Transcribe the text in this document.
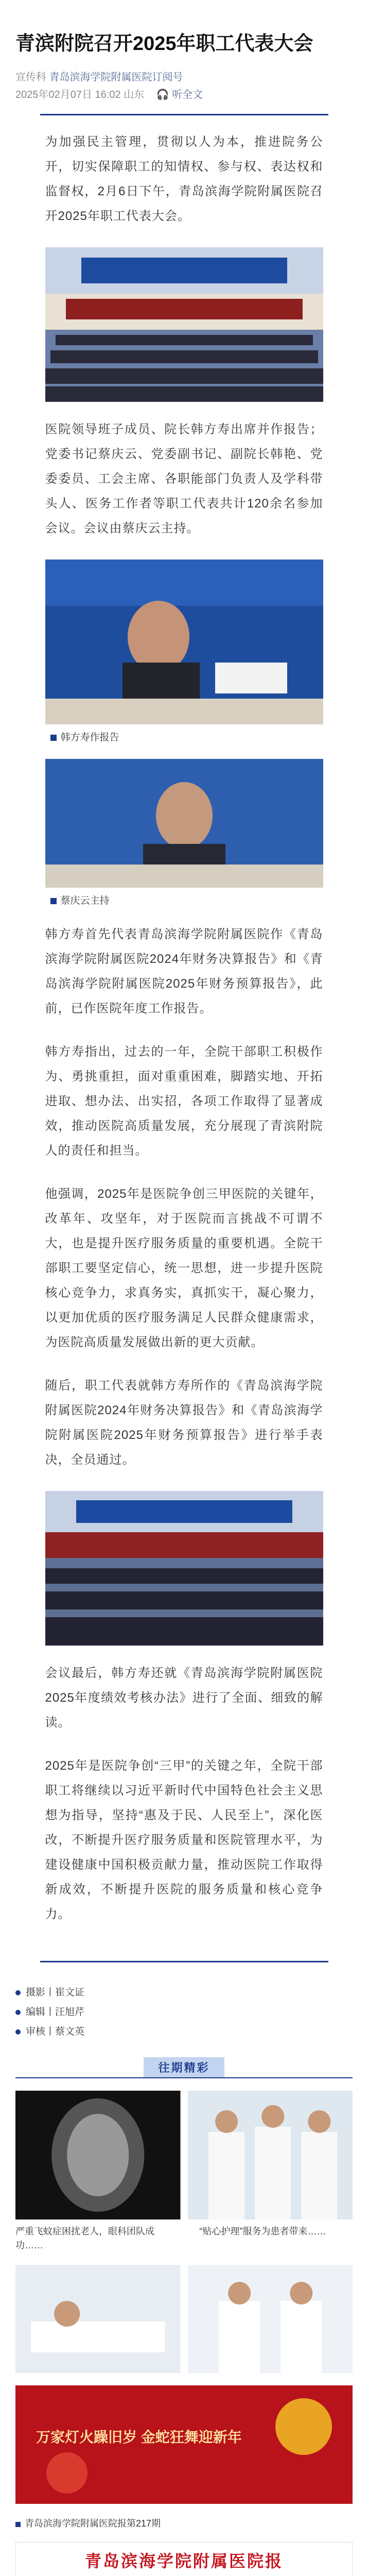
青滨附院召开2025年职工代表大会
宣传科 青岛滨海学院附属医院订阅号
2025年02月07日 16:02 山东 🎧 听全文

为加强民主管理，贯彻以人为本，推进院务公开，切实保障职工的知情权、参与权、表达权和监督权，2月6日下午，青岛滨海学院附属医院召开2025年职工代表大会。

医院领导班子成员、院长韩方寿出席并作报告；党委书记蔡庆云、党委副书记、副院长韩艳、党委委员、工会主席、各职能部门负责人及学科带头人、医务工作者等职工代表共计120余名参加会议。会议由蔡庆云主持。

韩方寿作报告
蔡庆云主持

韩方寿首先代表青岛滨海学院附属医院作《青岛滨海学院附属医院2024年财务决算报告》和《青岛滨海学院附属医院2025年财务预算报告》，此前，已作医院年度工作报告。

韩方寿指出，过去的一年，全院干部职工积极作为、勇挑重担，面对重重困难，脚踏实地、开拓进取、想办法、出实招，各项工作取得了显著成效，推动医院高质量发展，充分展现了青滨附院人的责任和担当。

他强调，2025年是医院争创三甲医院的关键年，改革年、攻坚年，对于医院而言挑战不可谓不大，也是提升医疗服务质量的重要机遇。全院干部职工要坚定信心，统一思想，进一步提升医院核心竞争力，求真务实，真抓实干，凝心聚力，以更加优质的医疗服务满足人民群众健康需求，为医院高质量发展做出新的更大贡献。

随后，职工代表就韩方寿所作的《青岛滨海学院附属医院2024年财务决算报告》和《青岛滨海学院附属医院2025年财务预算报告》进行举手表决，全员通过。

会议最后，韩方寿还就《青岛滨海学院附属医院2025年度绩效考核办法》进行了全面、细致的解读。

2025年是医院争创“三甲”的关键之年，全院干部职工将继续以习近平新时代中国特色社会主义思想为指导，坚持“惠及于民、人民至上”，深化医改，不断提升医疗服务质量和医院管理水平，为建设健康中国积极贡献力量，推动医院工作取得新成效，不断提升医院的服务质量和核心竞争力。

摄影丨崔文证
编辑丨汪旭芹
审核丨蔡文英
往期精彩
严重飞蚊症困扰老人，眼科团队成功……
“贴心护理”服务为患者带来……
万家灯火躁旧岁 金蛇狂舞迎新年
青岛滨海学院附属医院报第217期
青岛滨海学院附属医院报
